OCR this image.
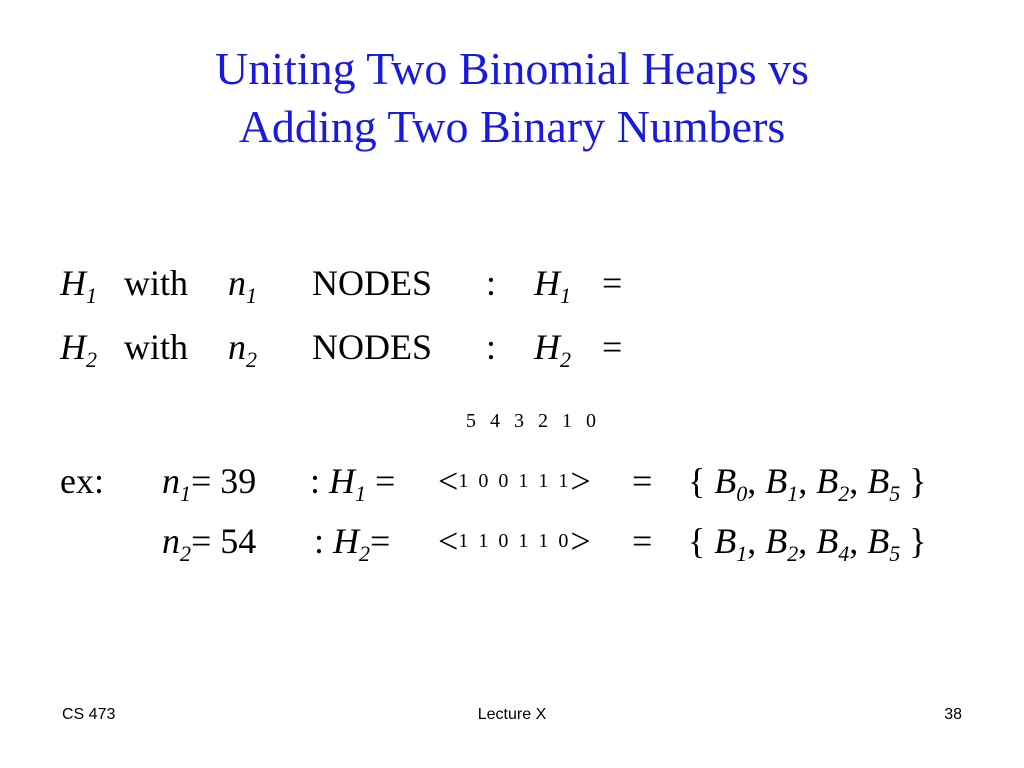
Uniting Two Binomial Heaps vs
Adding Two Binary Numbers
$H_1$ with $n_1$ NODES : $H_1$ =
$H_2$ with $n_2$ NODES : $H_2$ =
5 4 3 2 1 0
ex: $n_1= 39$ : $H_1 = <1$ 0 0 1 1 1> = { $B_0$, $B_1$, $B_2$, $B_5$ }
$n_2= 54$ : $H_2= <1$ 1 0 1 1 0> = { $B_1$, $B_2$, $B_4$, $B_5$ }
CS 473	Lecture X	38
